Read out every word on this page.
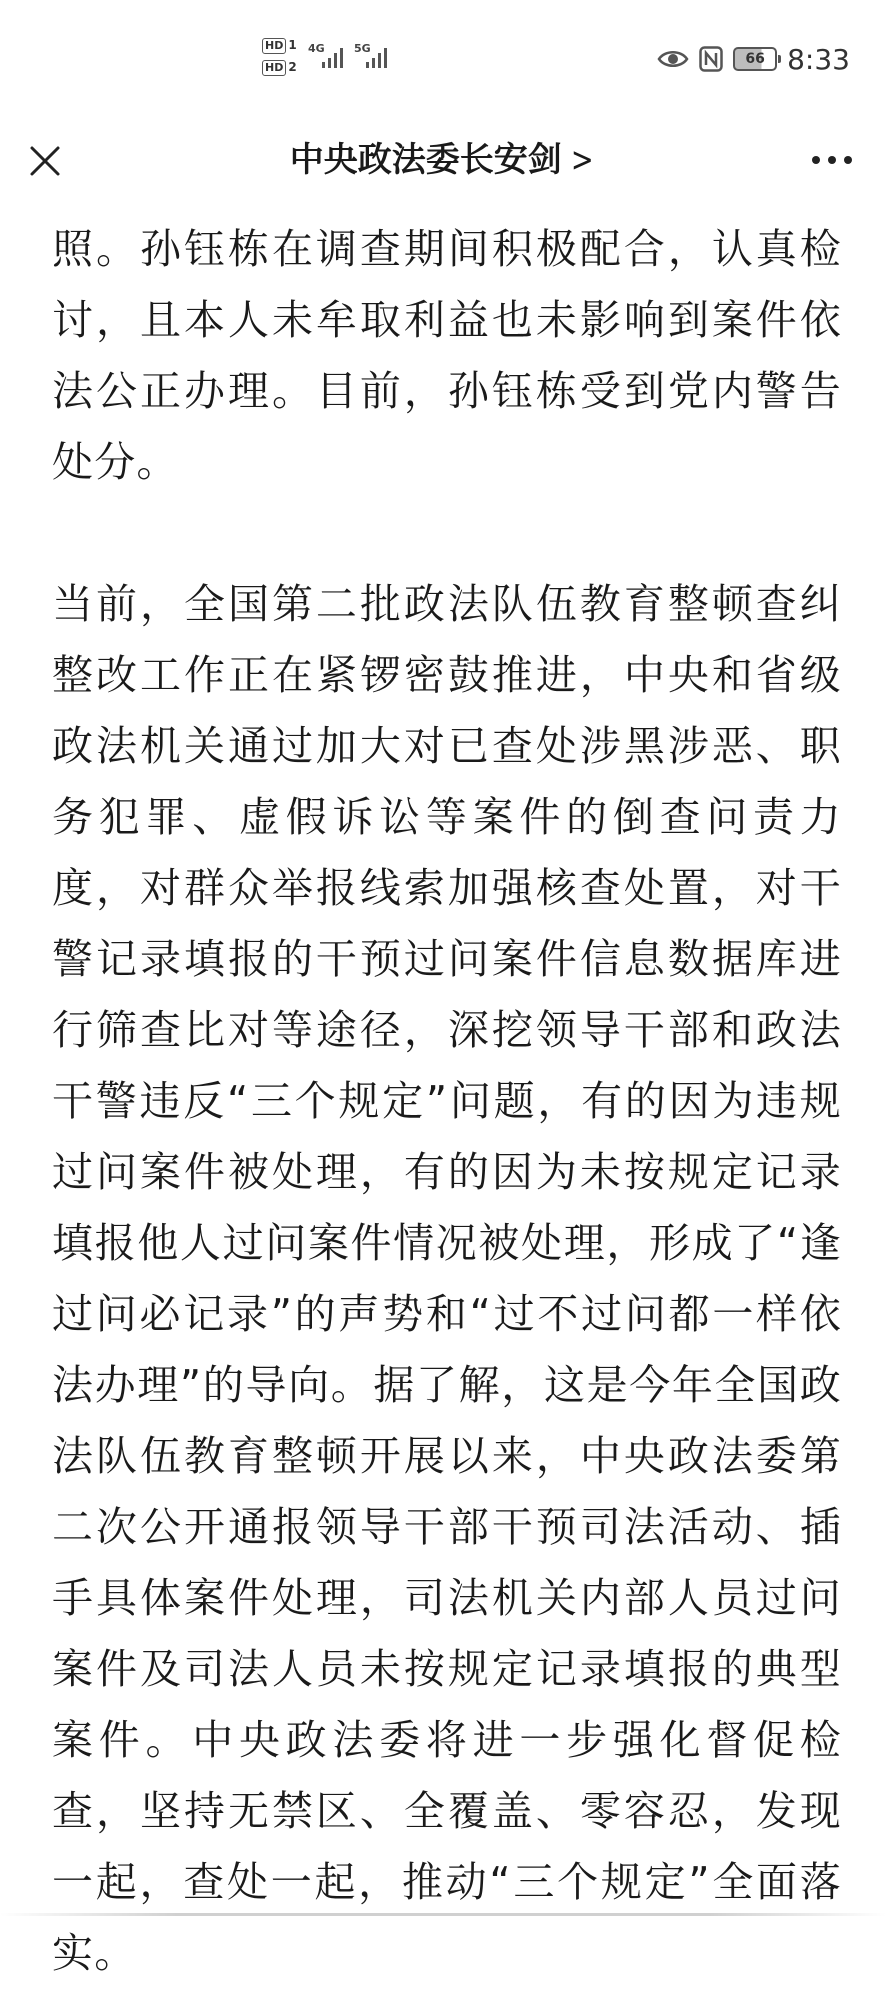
HD 1
HD 2
4G	5G
66 8:33
中央政法委长安剑 >

照。孙钰栋在调查期间积极配合，认真检讨，且本人未牟取利益也未影响到案件依法公正办理。目前，孙钰栋受到党内警告处分。

当前，全国第二批政法队伍教育整顿查纠整改工作正在紧锣密鼓推进，中央和省级政法机关通过加大对已查处涉黑涉恶、职务犯罪、虚假诉讼等案件的倒查问责力度，对群众举报线索加强核查处置，对干警记录填报的干预过问案件信息数据库进行筛查比对等途径，深挖领导干部和政法干警违反“三个规定”问题，有的因为违规过问案件被处理，有的因为未按规定记录填报他人过问案件情况被处理，形成了“逢过问必记录”的声势和“过不过问都一样依法办理”的导向。据了解，这是今年全国政法队伍教育整顿开展以来，中央政法委第二次公开通报领导干部干预司法活动、插手具体案件处理，司法机关内部人员过问案件及司法人员未按规定记录填报的典型案件。中央政法委将进一步强化督促检查，坚持无禁区、全覆盖、零容忍，发现一起，查处一起，推动“三个规定”全面落实。
